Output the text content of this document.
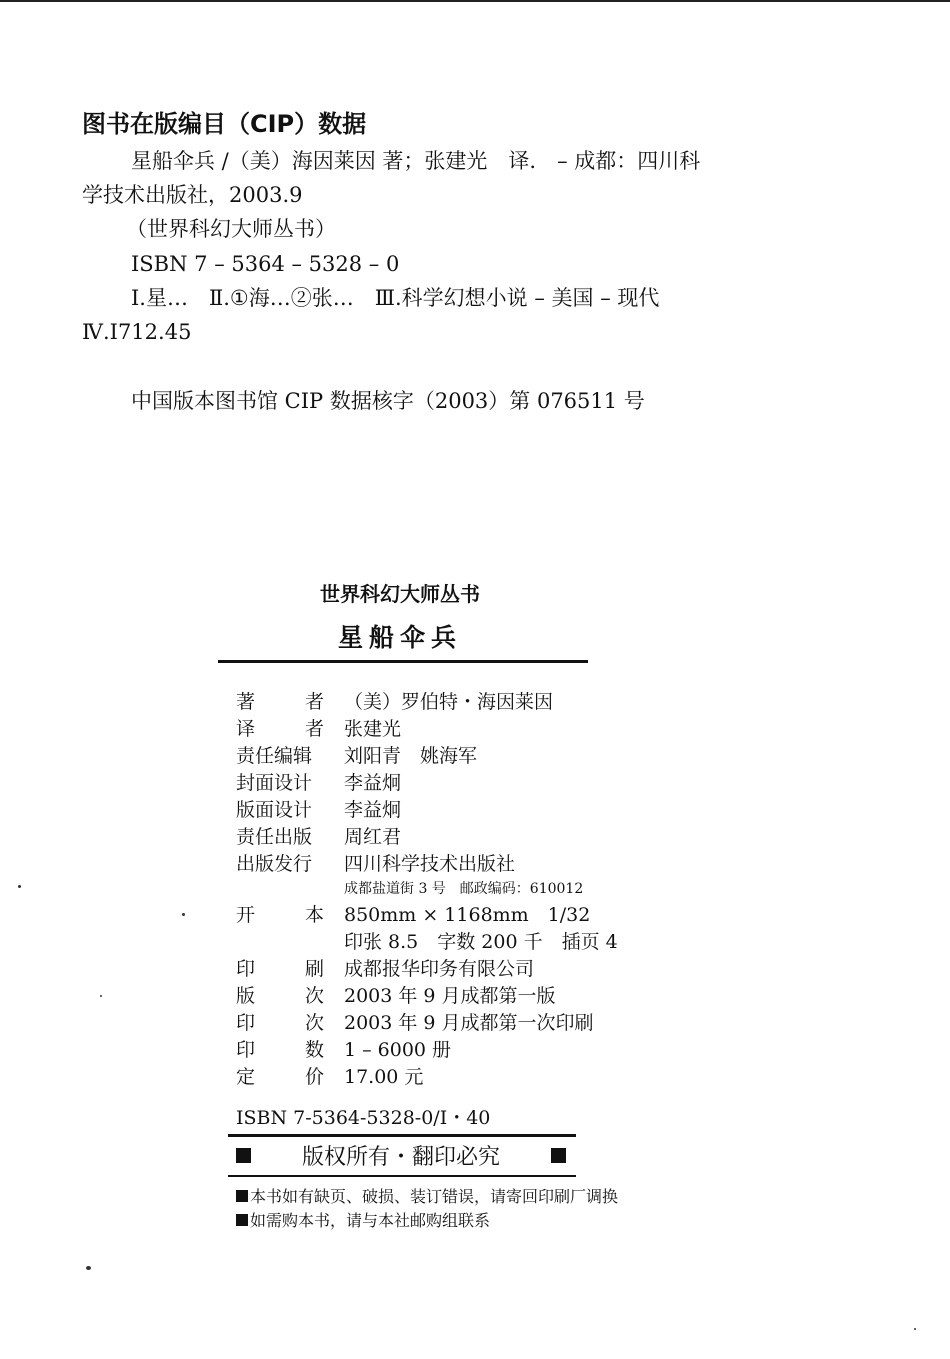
图书在版编目（CIP）数据
星船伞兵 /（美）海因莱因 著；张建光　译.　– 成都：四川科
学技术出版社，2003.9
（世界科幻大师丛书）
ISBN 7 – 5364 – 5328 – 0
Ⅰ.星…　Ⅱ.①海…②张…　Ⅲ.科学幻想小说 – 美国 – 现代
Ⅳ.I712.45
中国版本图书馆 CIP 数据核字（2003）第 076511 号
世界科幻大师丛书
星船伞兵
著	者 （美）罗伯特・海因莱因
译	者 张建光
责任编辑	刘阳青　姚海军
封面设计	李益炯
版面设计	李益炯
责任出版	周红君
出版发行	四川科学技术出版社
成都盐道街 3 号　邮政编码：610012
开	本 850mm × 1168mm　1/32
印张 8.5　字数 200 千　插页 4
印	刷 成都报华印务有限公司
版	次 2003 年 9 月成都第一版
印	次 2003 年 9 月成都第一次印刷
印	数 1 – 6000 册
定	价 17.00 元
ISBN 7-5364-5328-0/I・40
版权所有・翻印必究
本书如有缺页、破损、装订错误，请寄回印刷厂调换
如需购本书，请与本社邮购组联系
